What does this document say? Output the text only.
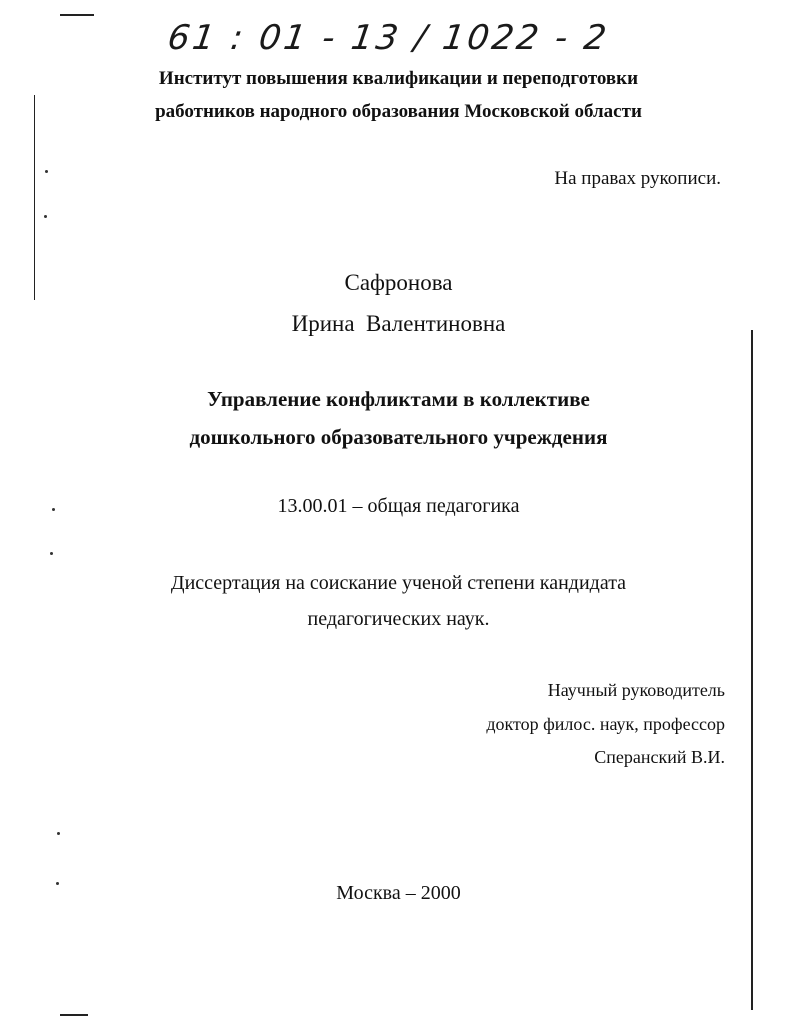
61 : 01 - 13 / 1022 - 2
Институт повышения квалификации и переподготовки
работников народного образования Московской области
На правах рукописи.
Сафронова
Ирина  Валентиновна
Управление конфликтами в коллективе
дошкольного образовательного учреждения
13.00.01 – общая педагогика
Диссертация на соискание ученой степени кандидата
педагогических наук.
Научный руководитель
доктор филос. наук, профессор
Сперанский В.И.
Москва – 2000
